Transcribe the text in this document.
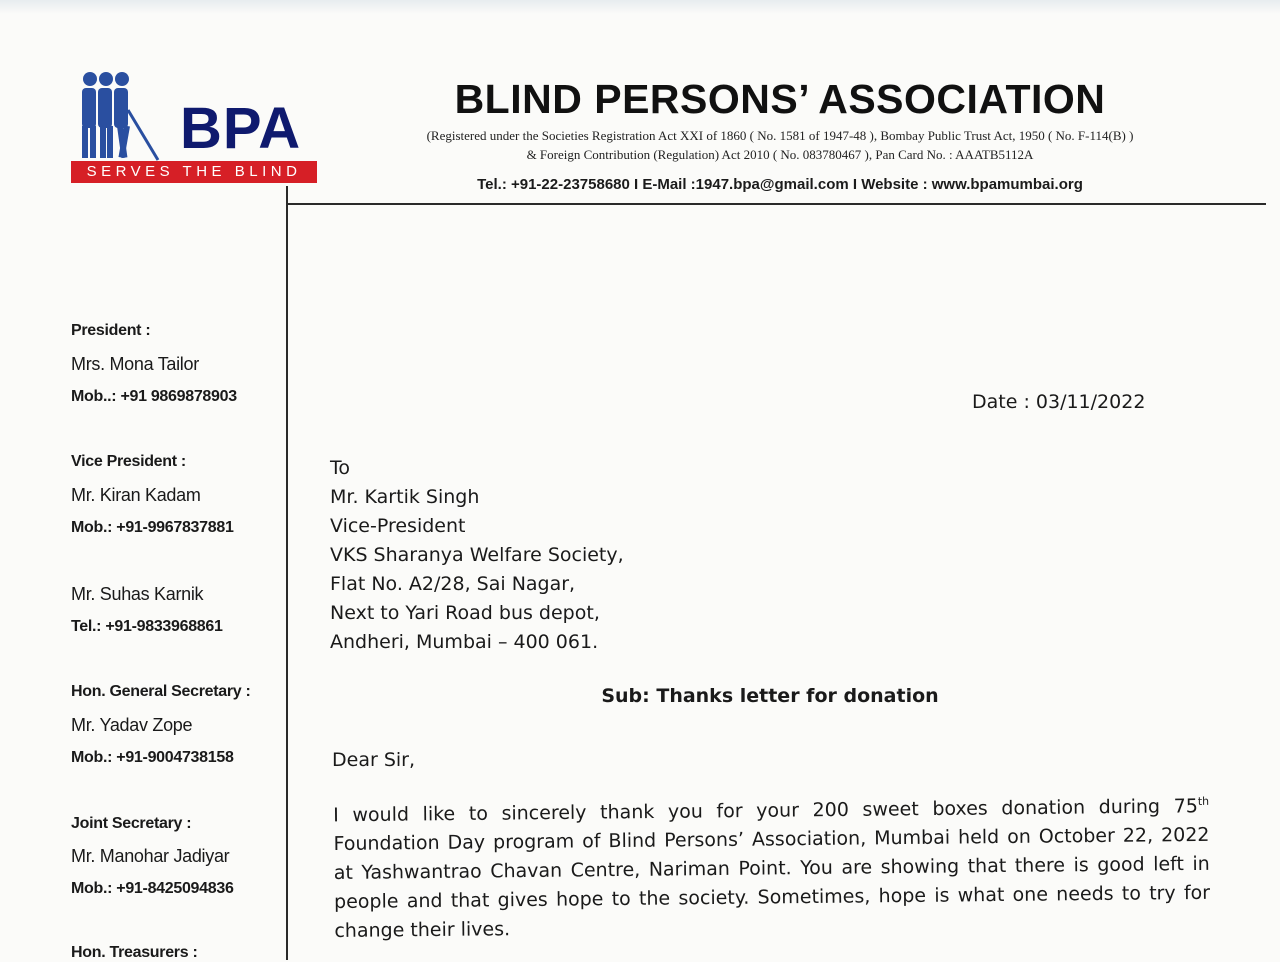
BPA
SERVES THE BLIND
BLIND PERSONS’ ASSOCIATION
(Registered under the Societies Registration Act XXI of 1860 ( No. 1581 of 1947-48 ), Bombay Public Trust Act, 1950 ( No. F-114(B) )
& Foreign Contribution (Regulation) Act 2010 ( No. 083780467 ), Pan Card No. : AAATB5112A
Tel.: +91-22-23758680 I E-Mail :1947.bpa@gmail.com I Website : www.bpamumbai.org
President :
Mrs. Mona Tailor
Mob..: +91 9869878903
Vice President :
Mr. Kiran Kadam
Mob.: +91-9967837881
Mr. Suhas Karnik
Tel.: +91-9833968861
Hon. General Secretary :
Mr. Yadav Zope
Mob.: +91-9004738158
Joint Secretary :
Mr. Manohar Jadiyar
Mob.: +91-8425094836
Hon. Treasurers :
Date : 03/11/2022
To
Mr. Kartik Singh
Vice-President
VKS Sharanya Welfare Society,
Flat No. A2/28, Sai Nagar,
Next to Yari Road bus depot,
Andheri, Mumbai – 400 061.
Sub: Thanks letter for donation
Dear Sir,
I would like to sincerely thank you for your 200 sweet boxes donation during 75th Foundation Day program of Blind Persons’ Association, Mumbai held on October 22, 2022 at Yashwantrao Chavan Centre, Nariman Point. You are showing that there is good left in people and that gives hope to the society. Sometimes, hope is what one needs to try for change their lives.
